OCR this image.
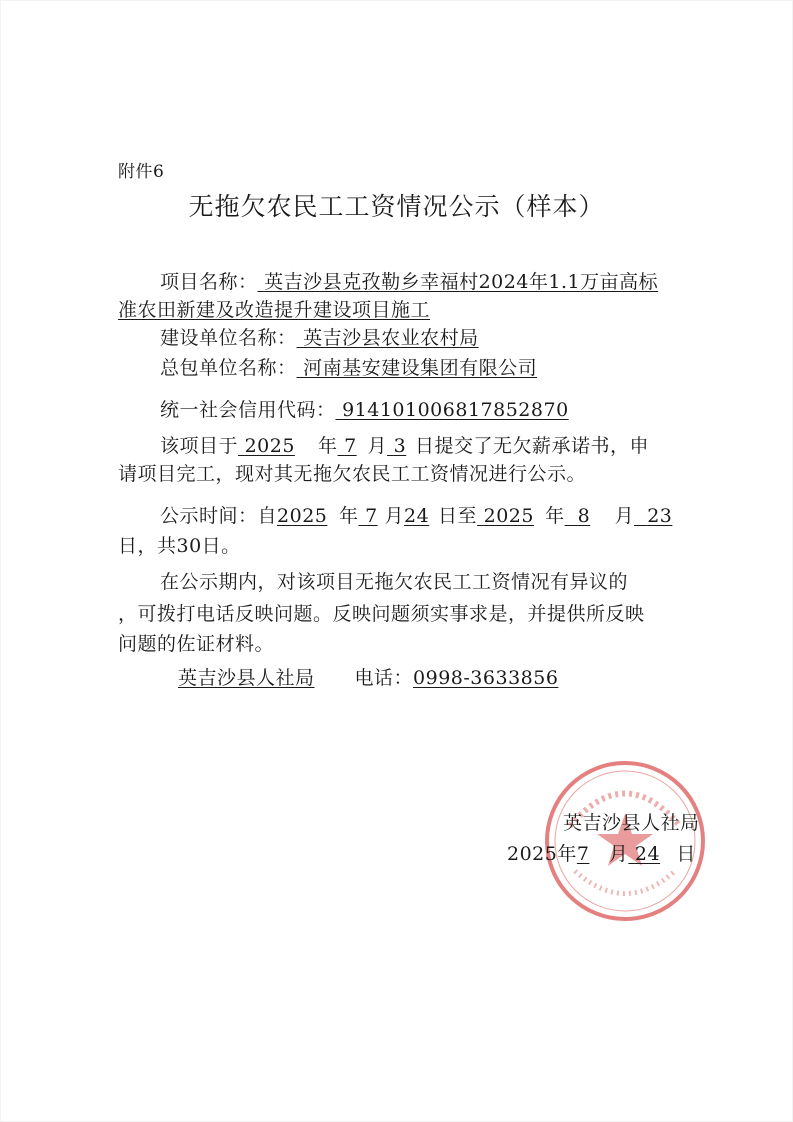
附件6
无拖欠农民工工资情况公示（样本）
项目名称： 英吉沙县克孜勒乡幸福村2024年1.1万亩高标
准农田新建及改造提升建设项目施工
建设单位名称： 英吉沙县农业农村局
总包单位名称： 河南基安建设集团有限公司
统一社会信用代码： 914101006817852870
该项目于 2025 年 7 月 3 日提交了无欠薪承诺书，申
请项目完工，现对其无拖欠农民工工资情况进行公示。
公示时间：自2025 年 7 月24 日至 2025 年 8 月 23
日，共30日。
在公示期内，对该项目无拖欠农民工工资情况有异议的
，可拨打电话反映问题。反映问题须实事求是，并提供所反映
问题的佐证材料。
英吉沙县人社局 电话：0998-3633856
英吉沙县人社局
2025年7 月 24 日
